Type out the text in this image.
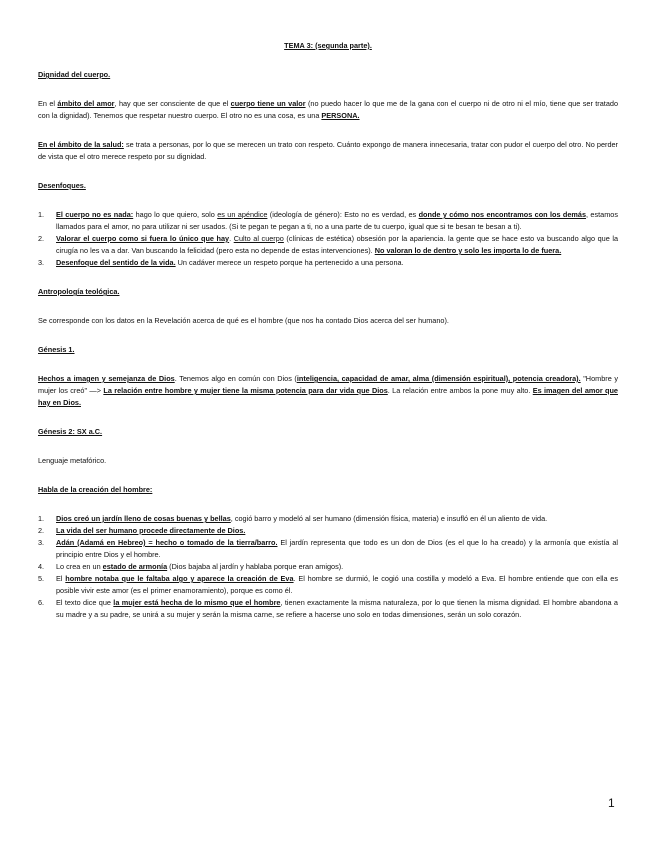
TEMA 3: (segunda parte).
Dignidad del cuerpo.
En el ámbito del amor, hay que ser consciente de que el cuerpo tiene un valor (no puedo hacer lo que me de la gana con el cuerpo ni de otro ni el mío, tiene que ser tratado con la dignidad). Tenemos que respetar nuestro cuerpo. El otro no es una cosa, es una PERSONA.
En el ámbito de la salud: se trata a personas, por lo que se merecen un trato con respeto. Cuánto expongo de manera innecesaria, tratar con pudor el cuerpo del otro. No perder de vista que el otro merece respeto por su dignidad.
Desenfoques.
1. El cuerpo no es nada: hago lo que quiero, solo es un apéndice (ideología de género): Esto no es verdad, es donde y cómo nos encontramos con los demás, estamos llamados para el amor, no para utilizar ni ser usados. (Si te pegan te pegan a ti, no a una parte de tu cuerpo, igual que si te besan te besan a ti).
2. Valorar el cuerpo como si fuera lo único que hay. Culto al cuerpo (clínicas de estética) obsesión por la apariencia. la gente que se hace esto va buscando algo que la cirugía no les va a dar. Van buscando la felicidad (pero esta no depende de estas intervenciones). No valoran lo de dentro y solo les importa lo de fuera.
3. Desenfoque del sentido de la vida. Un cadáver merece un respeto porque ha pertenecido a una persona.
Antropología teológica.
Se corresponde con los datos en la Revelación acerca de qué es el hombre (que nos ha contado Dios acerca del ser humano).
Génesis 1.
Hechos a imagen y semejanza de Dios. Tenemos algo en común con Dios (inteligencia, capacidad de amar, alma (dimensión espiritual), potencia creadora). "Hombre y mujer los creó" —> La relación entre hombre y mujer tiene la misma potencia para dar vida que Dios. La relación entre ambos la pone muy alto. Es imagen del amor que hay en Dios.
Génesis 2: SX a.C.
Lenguaje metafórico.
Habla de la creación del hombre:
1. Dios creó un jardín lleno de cosas buenas y bellas, cogió barro y modeló al ser humano (dimensión física, materia) e insufló en él un aliento de vida.
2. La vida del ser humano procede directamente de Dios.
3. Adán (Adamá en Hebreo) = hecho o tomado de la tierra/barro. El jardín representa que todo es un don de Dios (es el que lo ha creado) y la armonía que existía al principio entre Dios y el hombre.
4. Lo crea en un estado de armonía (Dios bajaba al jardín y hablaba porque eran amigos).
5. El hombre notaba que le faltaba algo y aparece la creación de Eva. El hombre se durmió, le cogió una costilla y modeló a Eva. El hombre entiende que con ella es posible vivir este amor (es el primer enamoramiento), porque es como él.
6. El texto dice que la mujer está hecha de lo mismo que el hombre, tienen exactamente la misma naturaleza, por lo que tienen la misma dignidad. El hombre abandona a su madre y a su padre, se unirá a su mujer y serán la misma carne, se refiere a hacerse uno solo en todas dimensiones, serán un solo corazón.
1
